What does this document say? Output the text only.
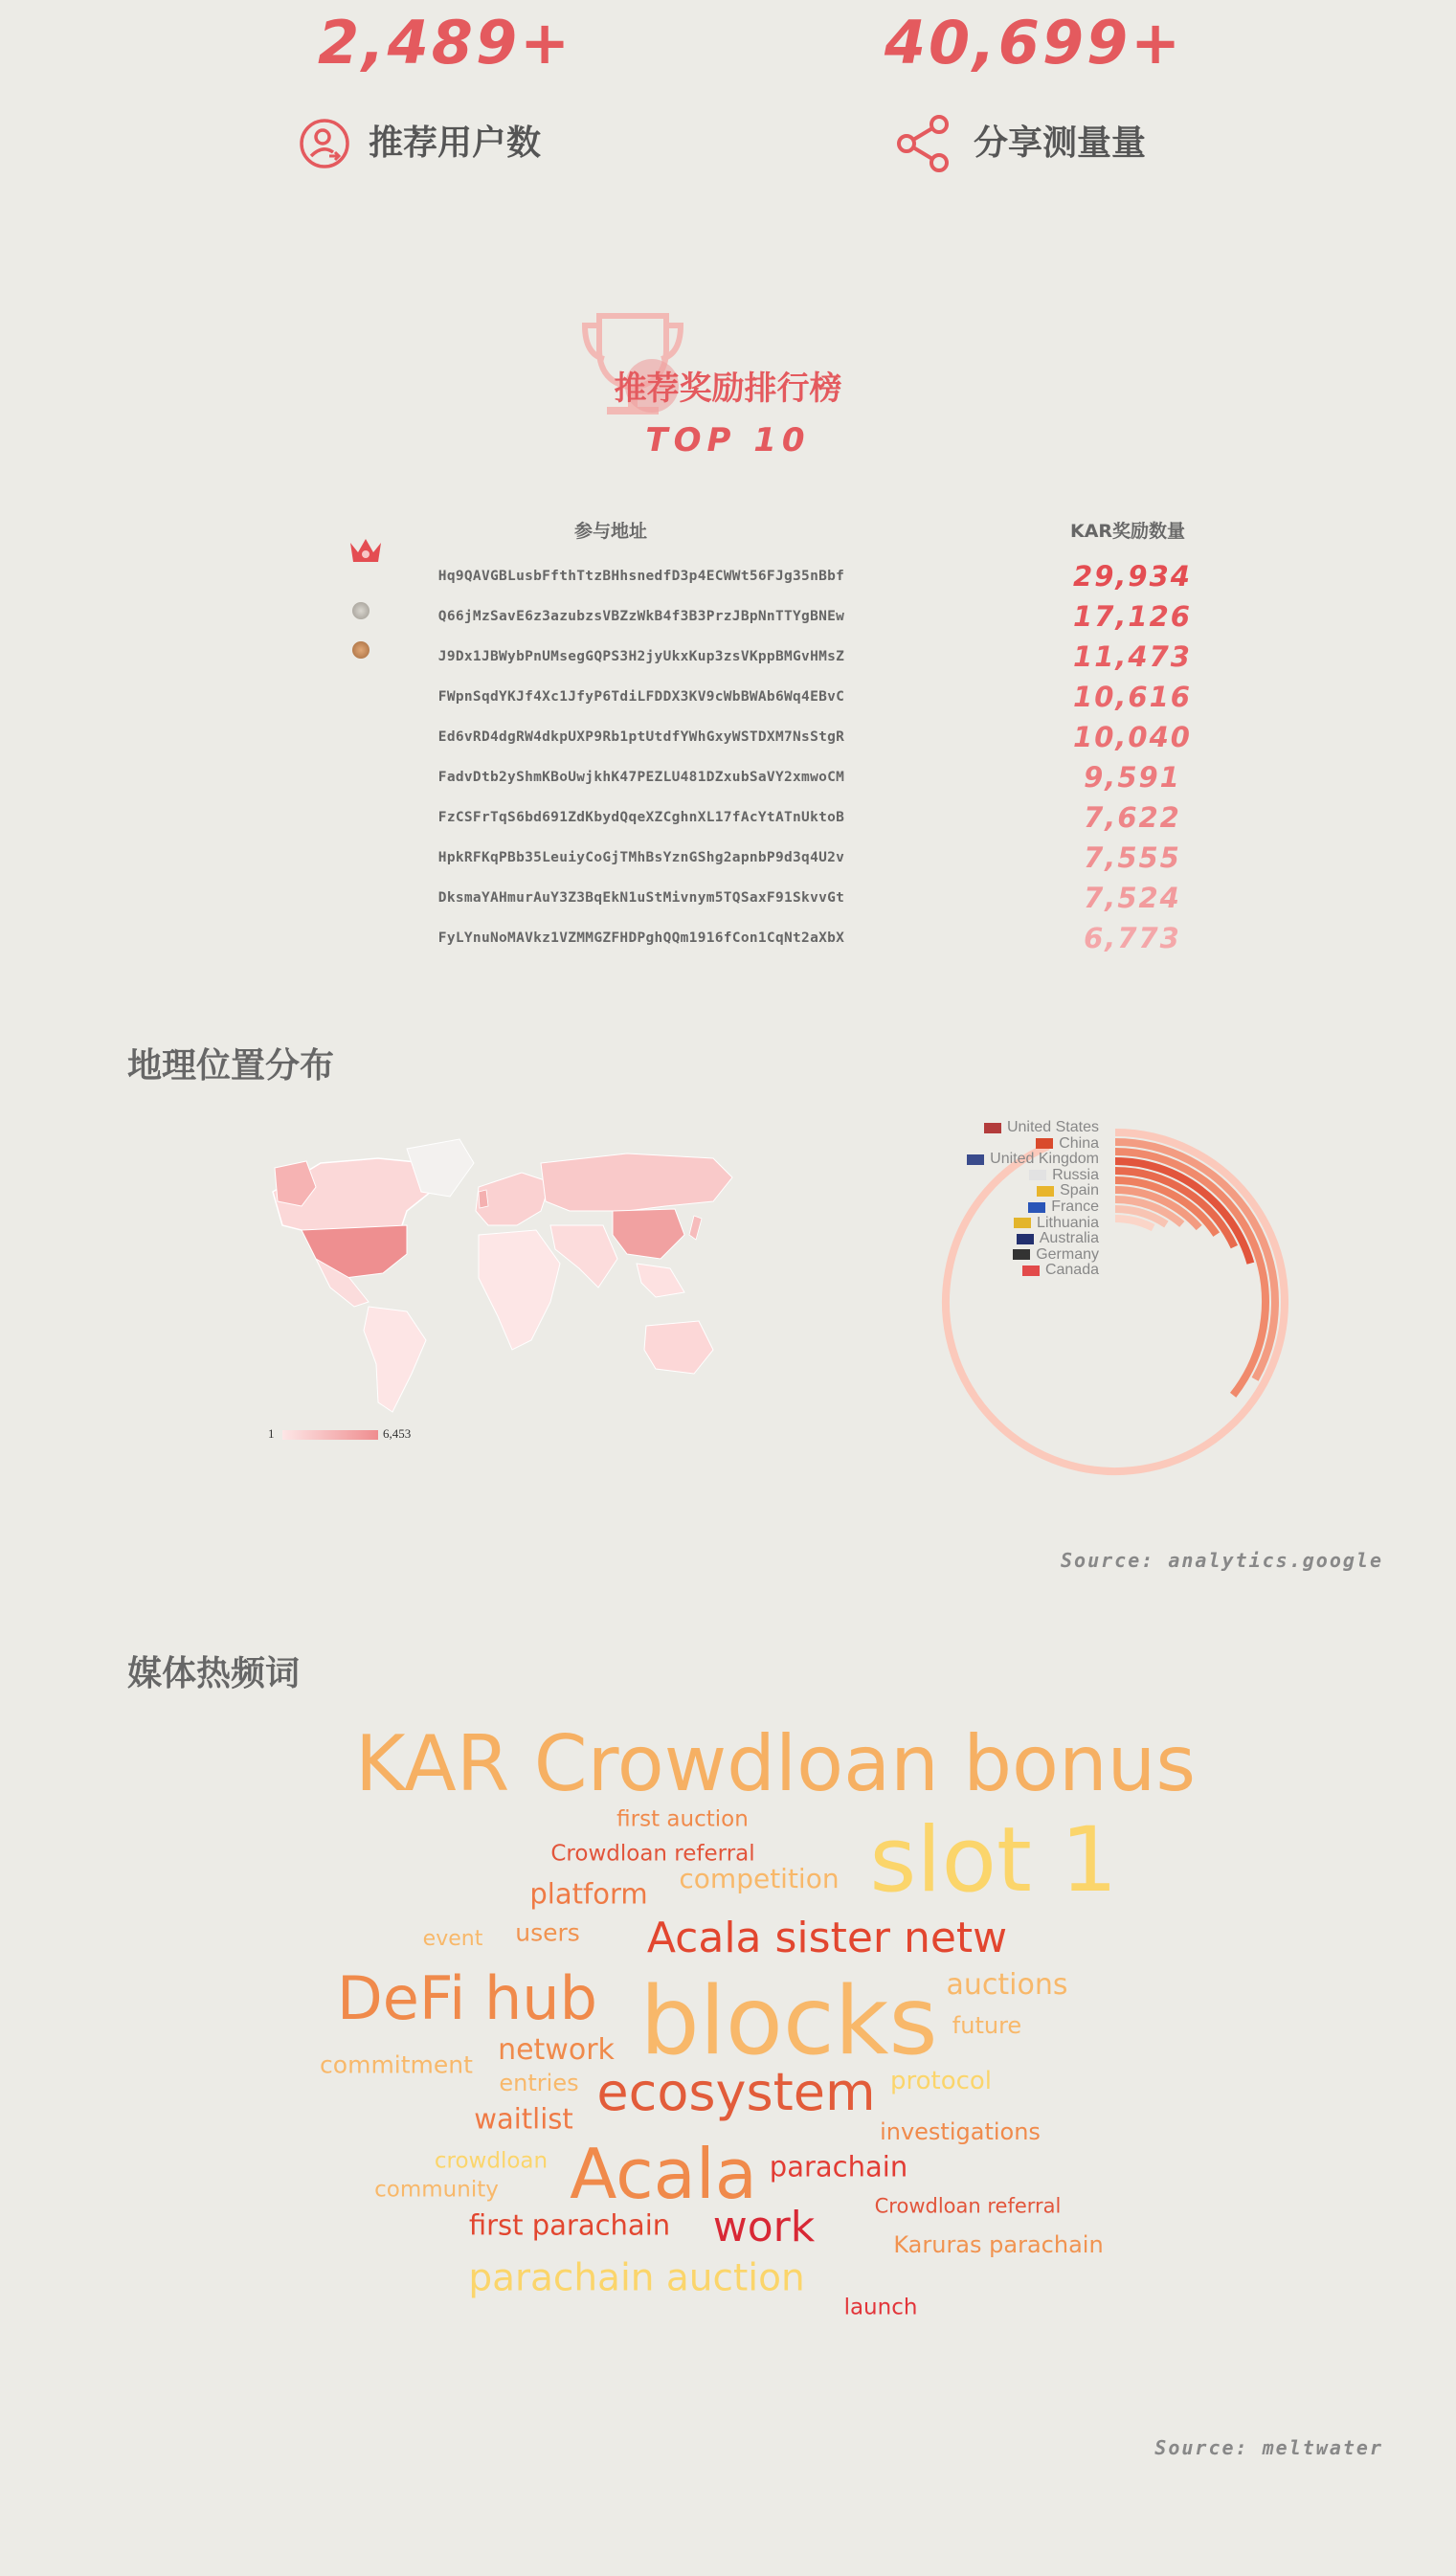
2,489+	40,699+
推荐用户数	分享测量量
推荐奖励排行榜
TOP 10
参与地址	KAR奖励数量
Hq9QAVGBLusbFfthTtzBHhsnedfD3p4ECWWt56FJg35nBbf	29,934
Q66jMzSavE6z3azubzsVBZzWkB4f3B3PrzJBpNnTTYgBNEw	17,126
J9Dx1JBWybPnUMsegGQPS3H2jyUkxKup3zsVKppBMGvHMsZ	11,473
FWpnSqdYKJf4Xc1JfyP6TdiLFDDX3KV9cWbBWAb6Wq4EBvC	10,616
Ed6vRD4dgRW4dkpUXP9Rb1ptUtdfYWhGxyWSTDXM7NsStgR	10,040
FadvDtb2yShmKBoUwjkhK47PEZLU481DZxubSaVY2xmwoCM	9,591
FzCSFrTqS6bd691ZdKbydQqeXZCghnXL17fAcYtATnUktoB	7,622
HpkRFKqPBb35LeuiyCoGjTMhBsYznGShg2apnbP9d3q4U2v	7,555
DksmaYAHmurAuY3Z3BqEkN1uStMivnym5TQSaxF91SkvvGt	7,524
FyLYnuNoMAVkz1VZMMGZFHDPghQQm1916fCon1CqNt2aXbX	6,773
地理位置分布
1	6,453
United States
China
United Kingdom
Russia
Spain
France
Lithuania
Australia
Germany
Canada
Source: analytics.google
媒体热频词
KAR Crowdloan bonus
slot 1
first auction
Crowdloan referral
competition
platform
event users Acala sister netw
DeFi hub blocks auctions
future
commitment network
entries ecosystem protocol
waitlist	investigations
crowdloan Acala parachain
community
Crowdloan referral
first parachain work	Karuras parachain
parachain auction
launch
Source: meltwater
